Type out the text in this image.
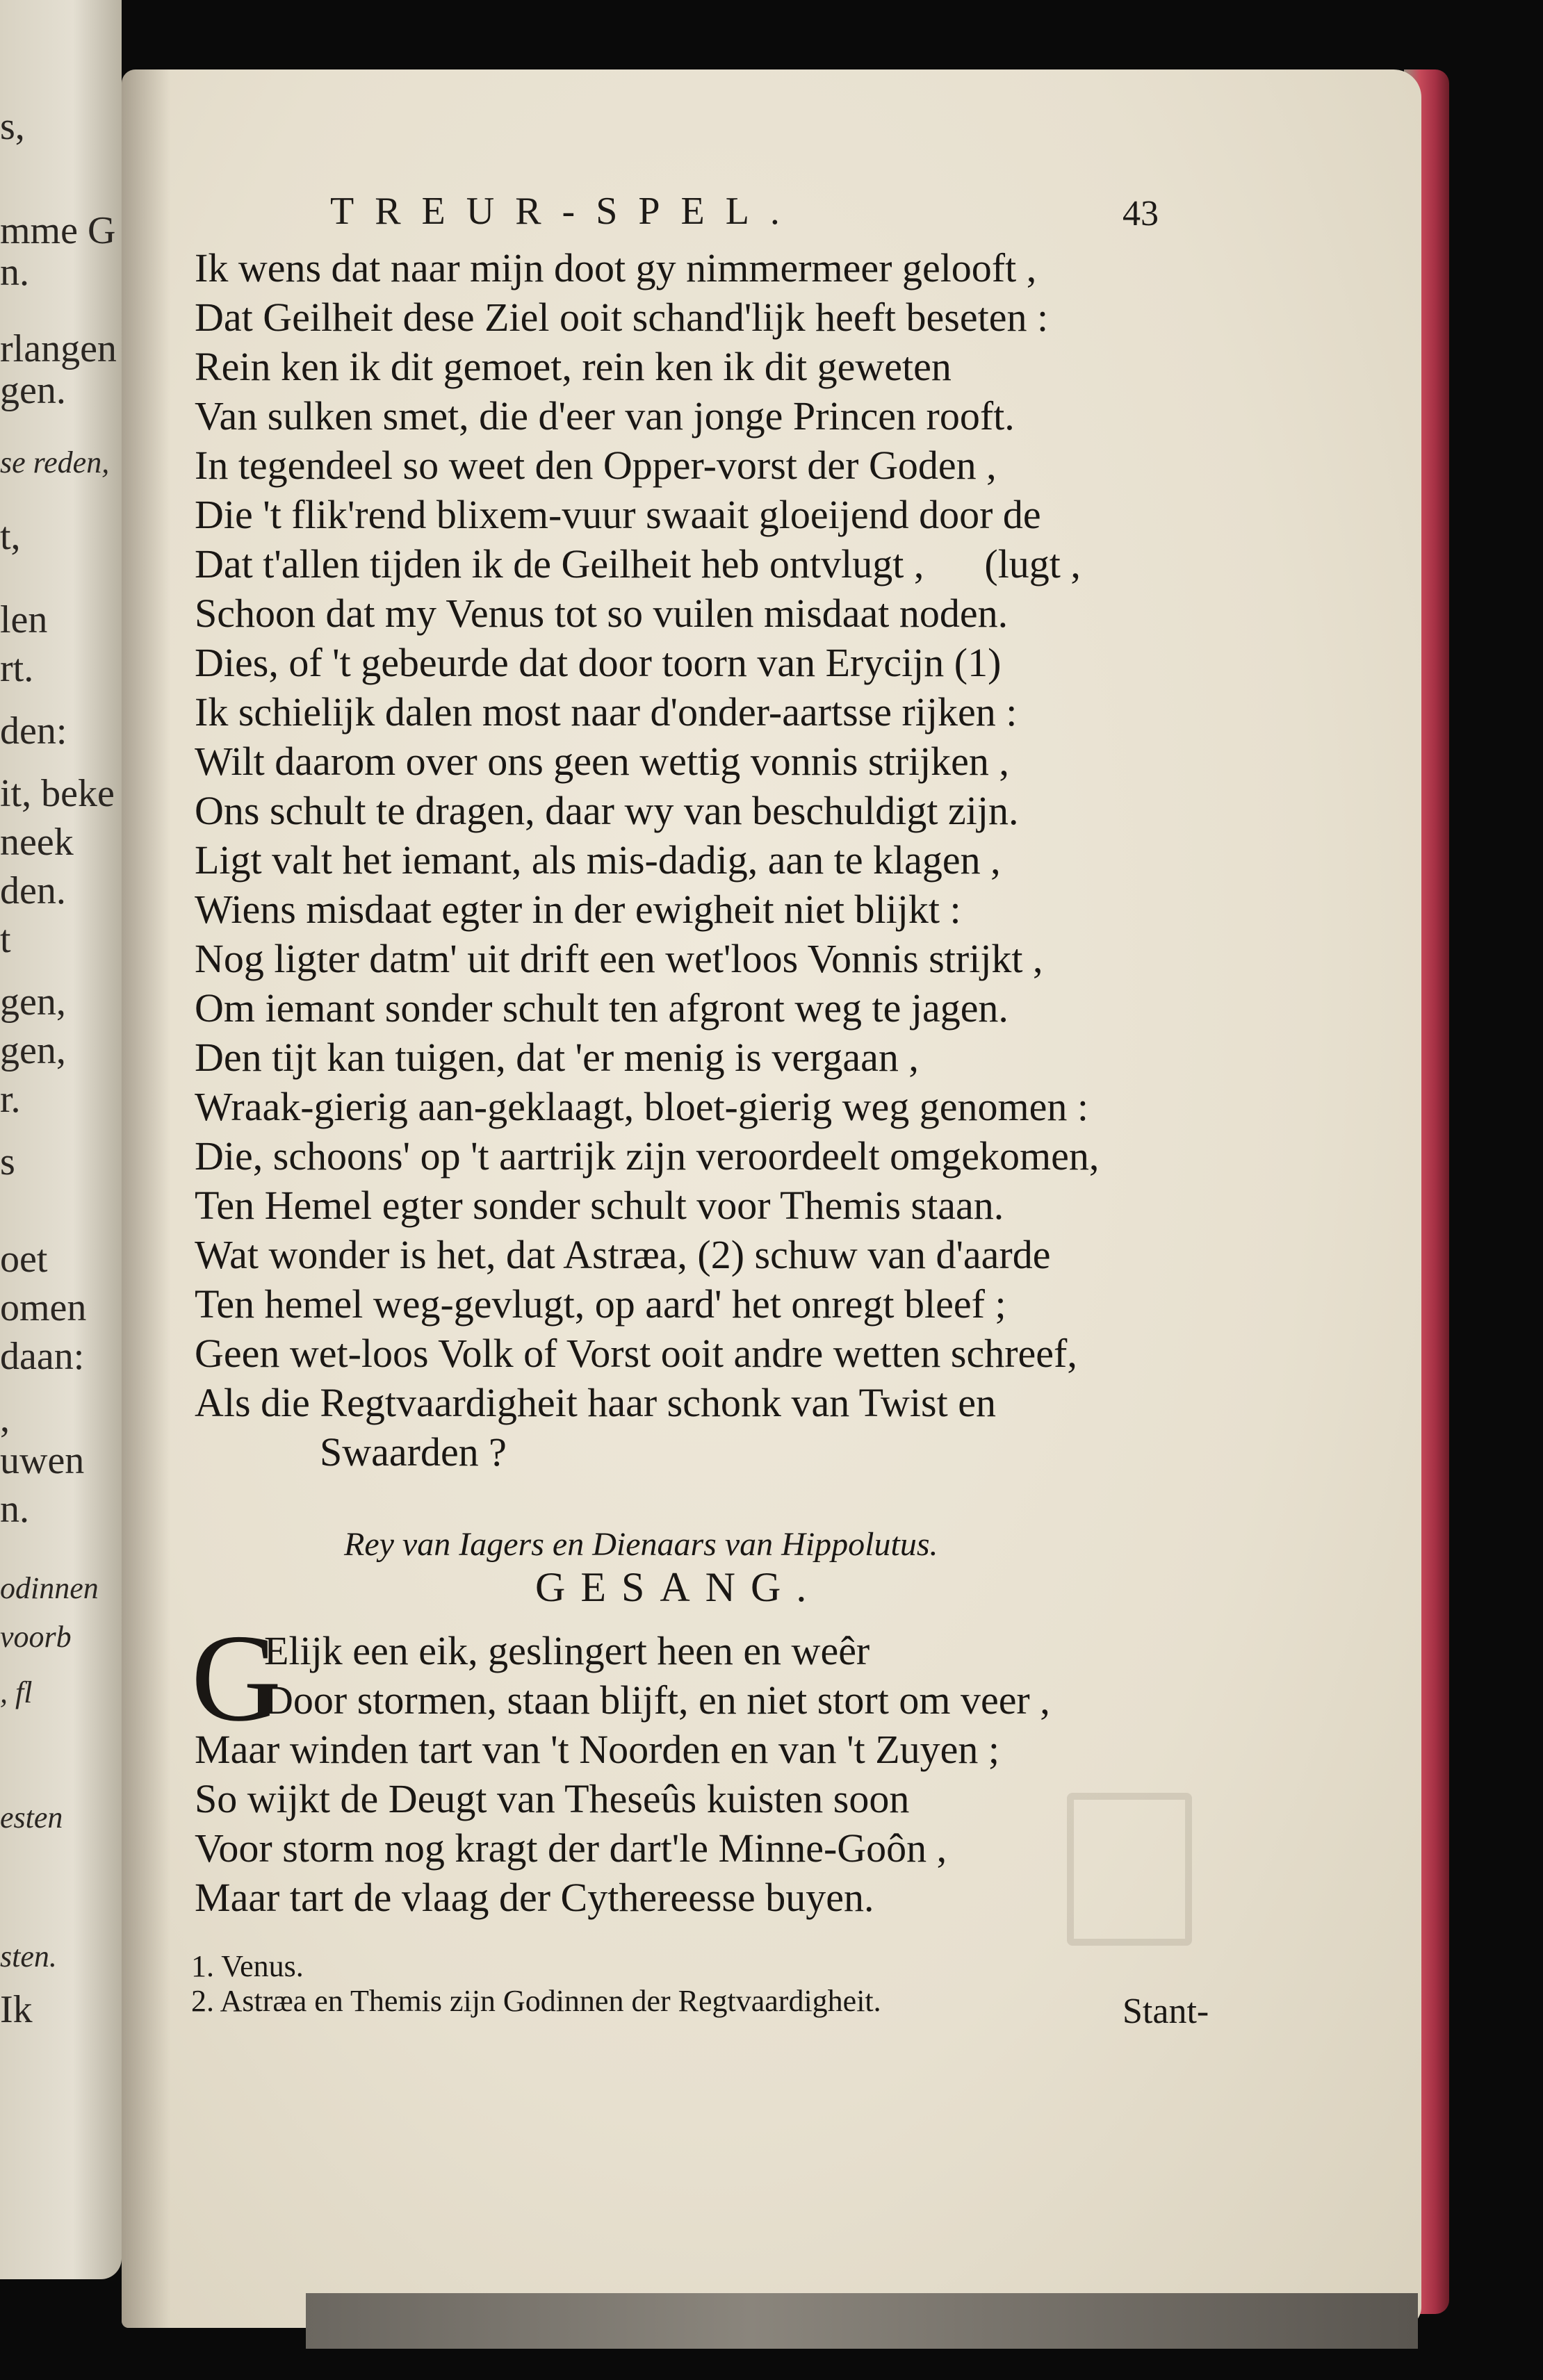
s,
mme G
n.
rlangen
gen.
se reden,
t,
len
rt.
den:
it, beke
neek
den.
t
gen,
gen,
r.
s
oet
omen
daan:
,
uwen
n.
odinnen
voorb
, fl
esten
sten.
Ik
TREUR-SPEL.	43
Ik wens dat naar mijn doot gy nimmermeer gelooft ,
Dat Geilheit dese Ziel ooit schand'lijk heeft beseten :
Rein ken ik dit gemoet, rein ken ik dit geweten
Van sulken smet, die d'eer van jonge Princen rooft.
In tegendeel so weet den Opper-vorst der Goden ,
Die 't flik'rend blixem-vuur swaait gloeijend door de
Dat t'allen tijden ik de Geilheit heb ontvlugt ,      (lugt ,
Schoon dat my Venus tot so vuilen misdaat noden.
Dies, of 't gebeurde dat door toorn van Erycijn (1)
Ik schielijk dalen most naar d'onder-aartsse rijken :
Wilt daarom over ons geen wettig vonnis strijken ,
Ons schult te dragen, daar wy van beschuldigt zijn.
Ligt valt het iemant, als mis-dadig, aan te klagen ,
Wiens misdaat egter in der ewigheit niet blijkt :
Nog ligter datm' uit drift een wet'loos Vonnis strijkt ,
Om iemant sonder schult ten afgront weg te jagen.
Den tijt kan tuigen, dat 'er menig is vergaan ,
Wraak-gierig aan-geklaagt, bloet-gierig weg genomen :
Die, schoons' op 't aartrijk zijn veroordeelt omgekomen,
Ten Hemel egter sonder schult voor Themis staan.
Wat wonder is het, dat Astræa, (2) schuw van d'aarde
Ten hemel weg-gevlugt, op aard' het onregt bleef ;
Geen wet-loos Volk of Vorst ooit andre wetten schreef,
Als die Regtvaardigheit haar schonk van Twist en
Swaarden ?
Rey van Iagers en Dienaars van Hippolutus.
GESANG.
G
Elijk een eik, geslingert heen en weêr
Door stormen, staan blijft, en niet stort om veer ,
Maar winden tart van 't Noorden en van 't Zuyen ;
So wijkt de Deugt van Theseûs kuisten soon
Voor storm nog kragt der dart'le Minne-Goôn ,
Maar tart de vlaag der Cythereesse buyen.
1. Venus.
2. Astræa en Themis zijn Godinnen der Regtvaardigheit.	Stant-
